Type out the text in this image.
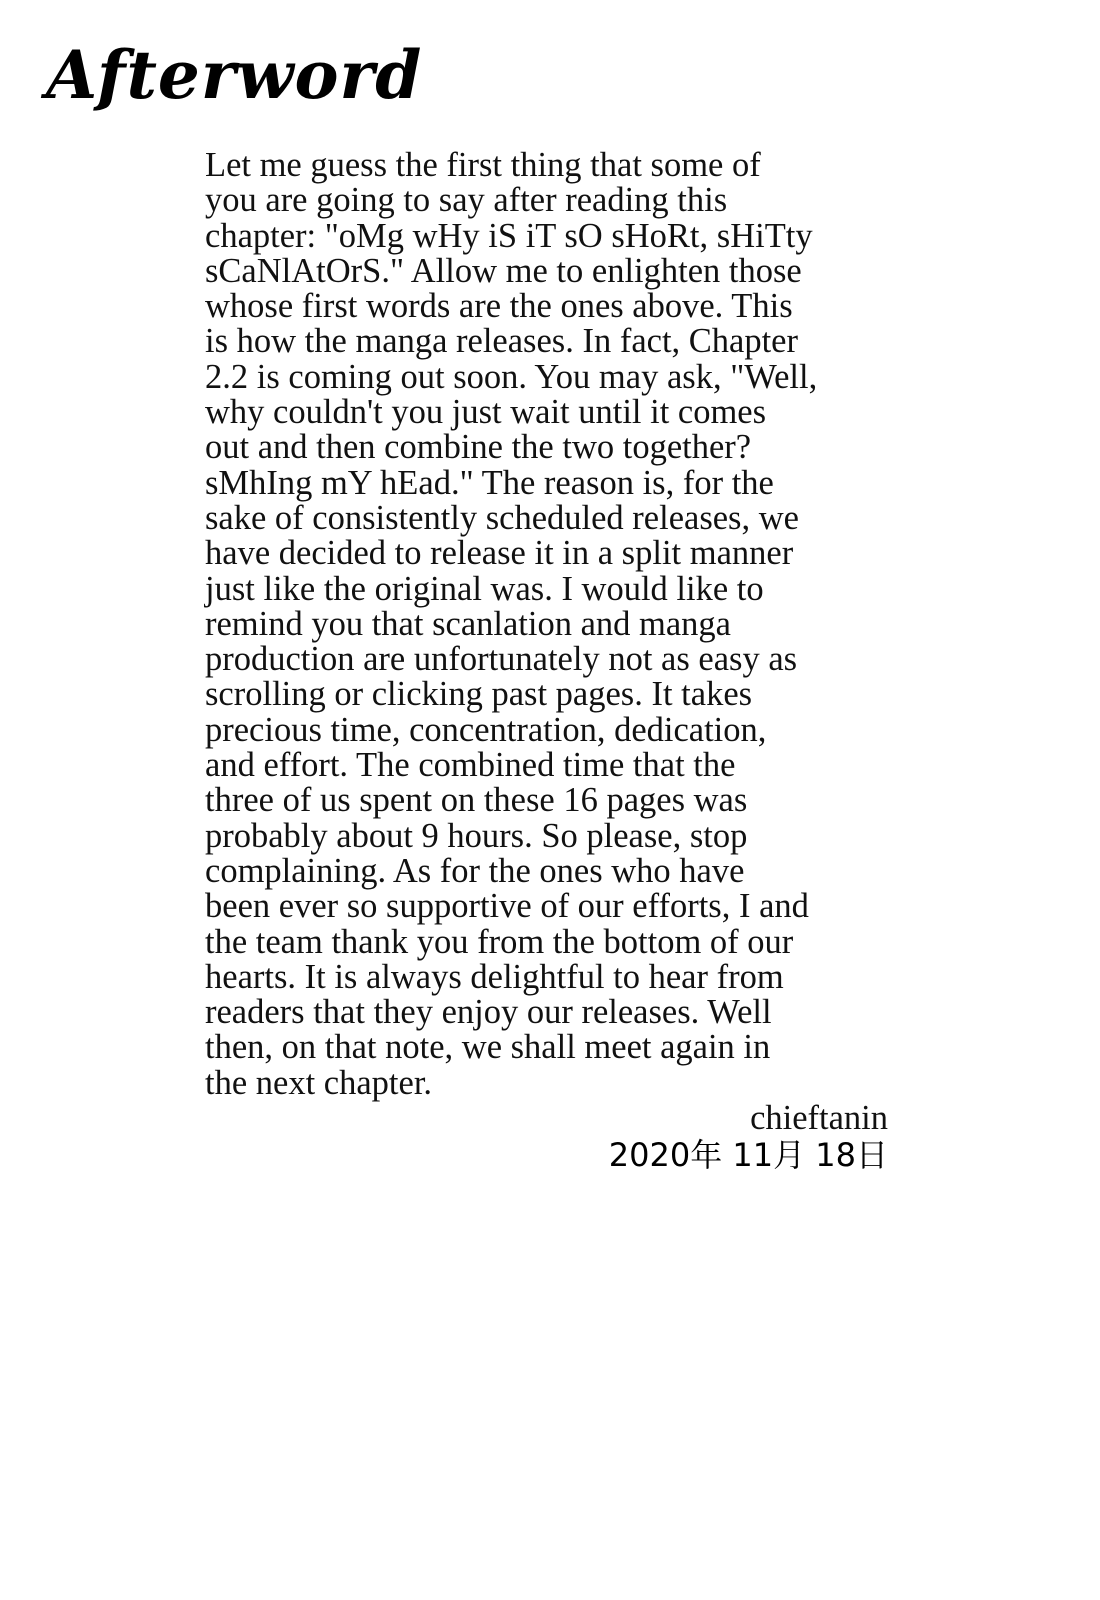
Afterword
Let me guess the first thing that some of
you are going to say after reading this
chapter: "oMg wHy iS iT sO sHoRt, sHiTty
sCaNlAtOrS." Allow me to enlighten those
whose first words are the ones above. This
is how the manga releases. In fact, Chapter
2.2 is coming out soon. You may ask, "Well,
why couldn't you just wait until it comes
out and then combine the two together?
sMhIng mY hEad." The reason is, for the
sake of consistently scheduled releases, we
have decided to release it in a split manner
just like the original was. I would like to
remind you that scanlation and manga
production are unfortunately not as easy as
scrolling or clicking past pages. It takes
precious time, concentration, dedication,
and effort. The combined time that the
three of us spent on these 16 pages was
probably about 9 hours. So please, stop
complaining. As for the ones who have
been ever so supportive of our efforts, I and
the team thank you from the bottom of our
hearts. It is always delightful to hear from
readers that they enjoy our releases. Well
then, on that note, we shall meet again in
the next chapter.
chieftanin
2020年 11月 18日
